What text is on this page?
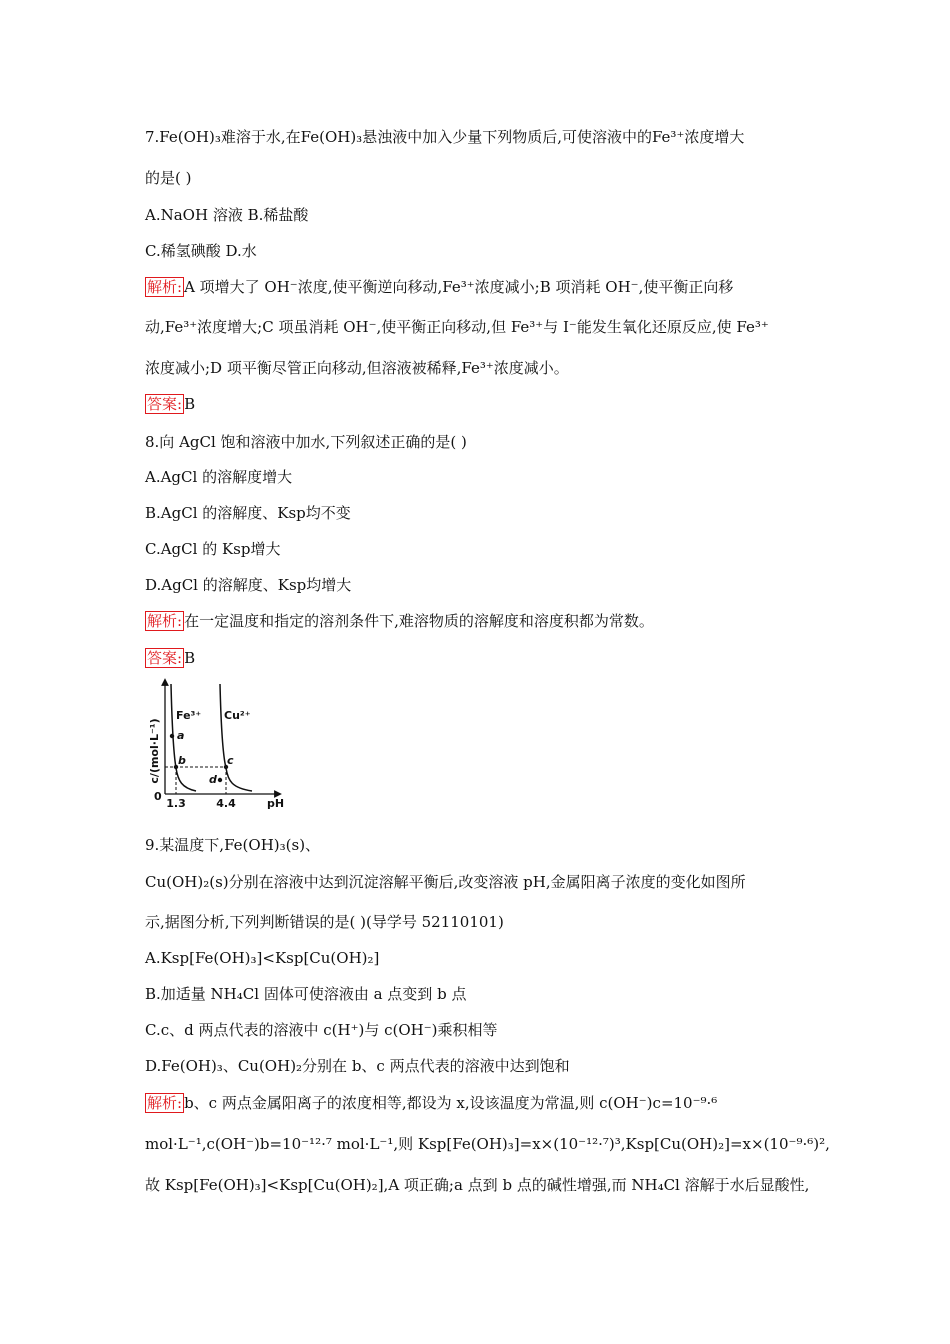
7.Fe(OH)₃难溶于水,在Fe(OH)₃悬浊液中加入少量下列物质后,可使溶液中的Fe³⁺浓度增大
的是( )
A.NaOH 溶液 B.稀盐酸
C.稀氢碘酸 D.水
解析: A 项增大了 OH⁻浓度,使平衡逆向移动,Fe³⁺浓度减小;B 项消耗 OH⁻,使平衡正向移
动,Fe³⁺浓度增大;C 项虽消耗 OH⁻,使平衡正向移动,但 Fe³⁺与 I⁻能发生氧化还原反应,使 Fe³⁺
浓度减小;D 项平衡尽管正向移动,但溶液被稀释,Fe³⁺浓度减小。
答案: B
8.向 AgCl 饱和溶液中加水,下列叙述正确的是( )
A.AgCl 的溶解度增大
B.AgCl 的溶解度、Ksp均不变
C.AgCl 的 Ksp增大
D.AgCl 的溶解度、Ksp均增大
解析: 在一定温度和指定的溶剂条件下,难溶物质的溶解度和溶度积都为常数。
答案: B
c/(mol·L⁻¹)
pH
0
Fe³⁺ Cu²⁺
a
b	c
d
1.3	4.4
9.某温度下,Fe(OH)₃(s)、
Cu(OH)₂(s)分别在溶液中达到沉淀溶解平衡后,改变溶液 pH,金属阳离子浓度的变化如图所
示,据图分析,下列判断错误的是( )(导学号 52110101)
A.Ksp[Fe(OH)₃]<Ksp[Cu(OH)₂]
B.加适量 NH₄Cl 固体可使溶液由 a 点变到 b 点
C.c、d 两点代表的溶液中 c(H⁺)与 c(OH⁻)乘积相等
D.Fe(OH)₃、Cu(OH)₂分别在 b、c 两点代表的溶液中达到饱和
解析: b、c 两点金属阳离子的浓度相等,都设为 x,设该温度为常温,则 c(OH⁻)c=10⁻⁹·⁶
mol·L⁻¹,c(OH⁻)b=10⁻¹²·⁷ mol·L⁻¹,则 Ksp[Fe(OH)₃]=x×(10⁻¹²·⁷)³,Ksp[Cu(OH)₂]=x×(10⁻⁹·⁶)²,
故 Ksp[Fe(OH)₃]<Ksp[Cu(OH)₂],A 项正确;a 点到 b 点的碱性增强,而 NH₄Cl 溶解于水后显酸性,
